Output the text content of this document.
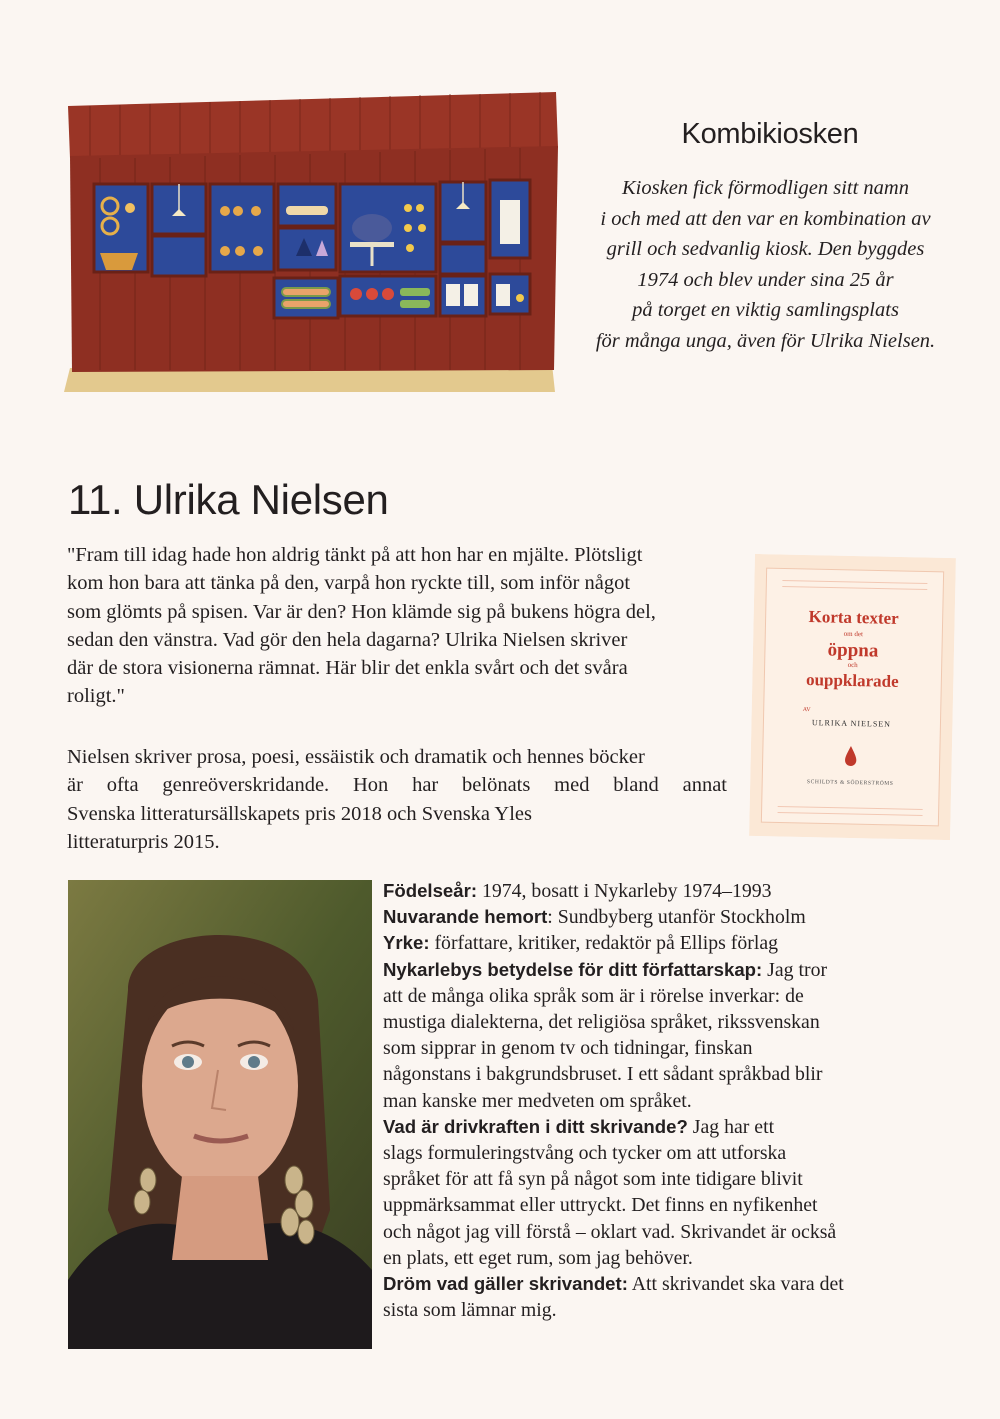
Kombikiosken
Kiosken fick förmodligen sitt namn
i och med att den var en kombination av
grill och sedvanlig kiosk. Den byggdes
1974 och blev under sina 25 år
på torget en viktig samlingsplats
för många unga, även för Ulrika Nielsen.
11. Ulrika Nielsen
"Fram till idag hade hon aldrig tänkt på att hon har en mjälte. Plötsligt
kom hon bara att tänka på den, varpå hon ryckte till, som inför något
som glömts på spisen. Var är den? Hon klämde sig på bukens högra del,
sedan den vänstra. Vad gör den hela dagarna? Ulrika Nielsen skriver
där de stora visionerna rämnat. Här blir det enkla svårt och det svåra
roligt."
Nielsen skriver prosa, poesi, essäistik och dramatik och hennes böcker
är ofta genreöverskridande. Hon har belönats med bland annat
Svenska litteratursällskapets pris 2018 och Svenska Yles
litteraturpris 2015.
Korta texter
om det
öppna
och
ouppklarade
AV
ULRIKA NIELSEN
SCHILDTS & SÖDERSTRÖMS
Födelseår: 1974, bosatt i Nykarleby 1974–1993
Nuvarande hemort: Sundbyberg utanför Stockholm
Yrke: författare, kritiker, redaktör på Ellips förlag
Nykarlebys betydelse för ditt författarskap: Jag tror
att de många olika språk som är i rörelse inverkar: de
mustiga dialekterna, det religiösa språket, rikssvenskan
som sipprar in genom tv och tidningar, finskan
någonstans i bakgrundsbruset. I ett sådant språkbad blir
man kanske mer medveten om språket.
Vad är drivkraften i ditt skrivande? Jag har ett
slags formuleringstvång och tycker om att utforska
språket för att få syn på något som inte tidigare blivit
uppmärksammat eller uttryckt. Det finns en nyfikenhet
och något jag vill förstå – oklart vad. Skrivandet är också
en plats, ett eget rum, som jag behöver.
Dröm vad gäller skrivandet: Att skrivandet ska vara det
sista som lämnar mig.
